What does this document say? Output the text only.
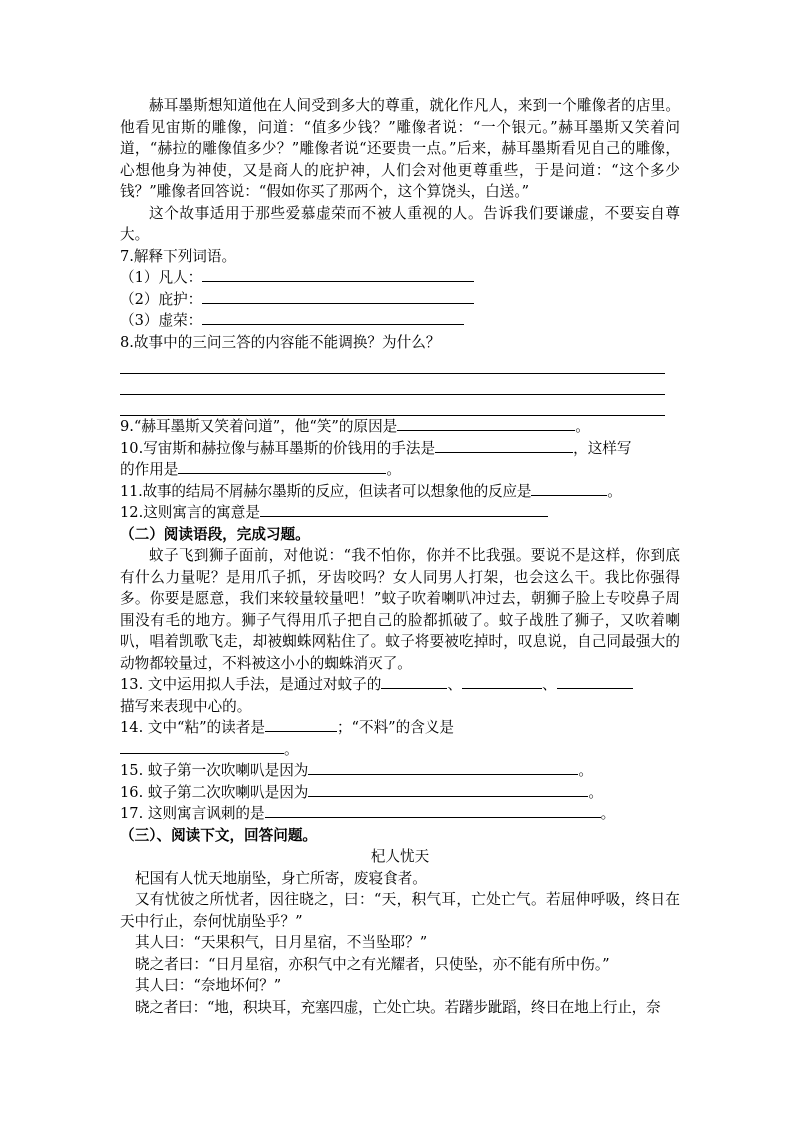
赫耳墨斯想知道他在人间受到多大的尊重，就化作凡人，来到一个雕像者的店里。他看见宙斯的雕像，问道：“值多少钱？”雕像者说：“一个银元。”赫耳墨斯又笑着问道，“赫拉的雕像值多少？”雕像者说“还要贵一点。”后来，赫耳墨斯看见自己的雕像，心想他身为神使，又是商人的庇护神，人们会对他更尊重些，于是问道：“这个多少钱？”雕像者回答说：“假如你买了那两个，这个算饶头，白送。”

这个故事适用于那些爱慕虚荣而不被人重视的人。告诉我们要谦虚，不要妄自尊大。

7.解释下列词语。
（1）凡人：
（2）庇护：
（3）虚荣：
8.故事中的三问三答的内容能不能调换？为什么？
9.“赫耳墨斯又笑着问道”，他“笑”的原因是	。
10.写宙斯和赫拉像与赫耳墨斯的价钱用的手法是	，这样写
的作用是	。
11.故事的结局不屑赫尔墨斯的反应，但读者可以想象他的反应是	。
12.这则寓言的寓意是
（二）阅读语段，完成习题。

蚊子飞到狮子面前，对他说：“我不怕你，你并不比我强。要说不是这样，你到底有什么力量呢？是用爪子抓，牙齿咬吗？女人同男人打架，也会这么干。我比你强得多。你要是愿意，我们来较量较量吧！”蚊子吹着喇叭冲过去，朝狮子脸上专咬鼻子周围没有毛的地方。狮子气得用爪子把自己的脸都抓破了。蚊子战胜了狮子，又吹着喇叭，唱着凯歌飞走，却被蜘蛛网粘住了。蚊子将要被吃掉时，叹息说，自己同最强大的动物都较量过，不料被这小小的蜘蛛消灭了。

13. 文中运用拟人手法，是通过对蚊子的	、	、
描写来表现中心的。
14. 文中“粘”的读者是	；“不料”的含义是
。
15. 蚊子第一次吹喇叭是因为	。
16. 蚊子第二次吹喇叭是因为	。
17. 这则寓言讽刺的是	。
（三）、阅读下文，回答问题。
杞人忧天

杞国有人忧天地崩坠，身亡所寄，废寝食者。

又有忧彼之所忧者，因往晓之，曰：“天，积气耳，亡处亡气。若屈伸呼吸，终日在天中行止，奈何忧崩坠乎？”

其人曰：“天果积气，日月星宿，不当坠耶？”

晓之者曰：“日月星宿，亦积气中之有光耀者，只使坠，亦不能有所中伤。”

其人曰：“奈地坏何？”

晓之者曰：“地，积块耳，充塞四虚，亡处亡块。若躇步跐蹈，终日在地上行止，奈
